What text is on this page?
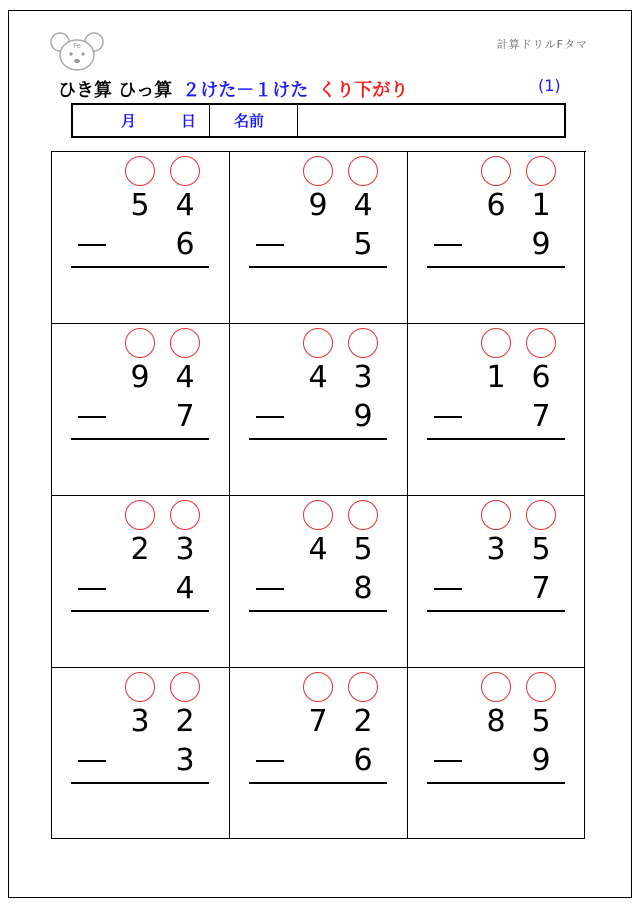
Fe	計算ドリルFタマ
ひき算 ひっ算 ２けた－１けた くり下がり	(1)
月	日	名前
5 4
6
9 4
5
6 1
9
9 4
7
4 3
9
1 6
7
2 3
4
4 5
8
3 5
7
3 2
3
7 2
6
8 5
9
